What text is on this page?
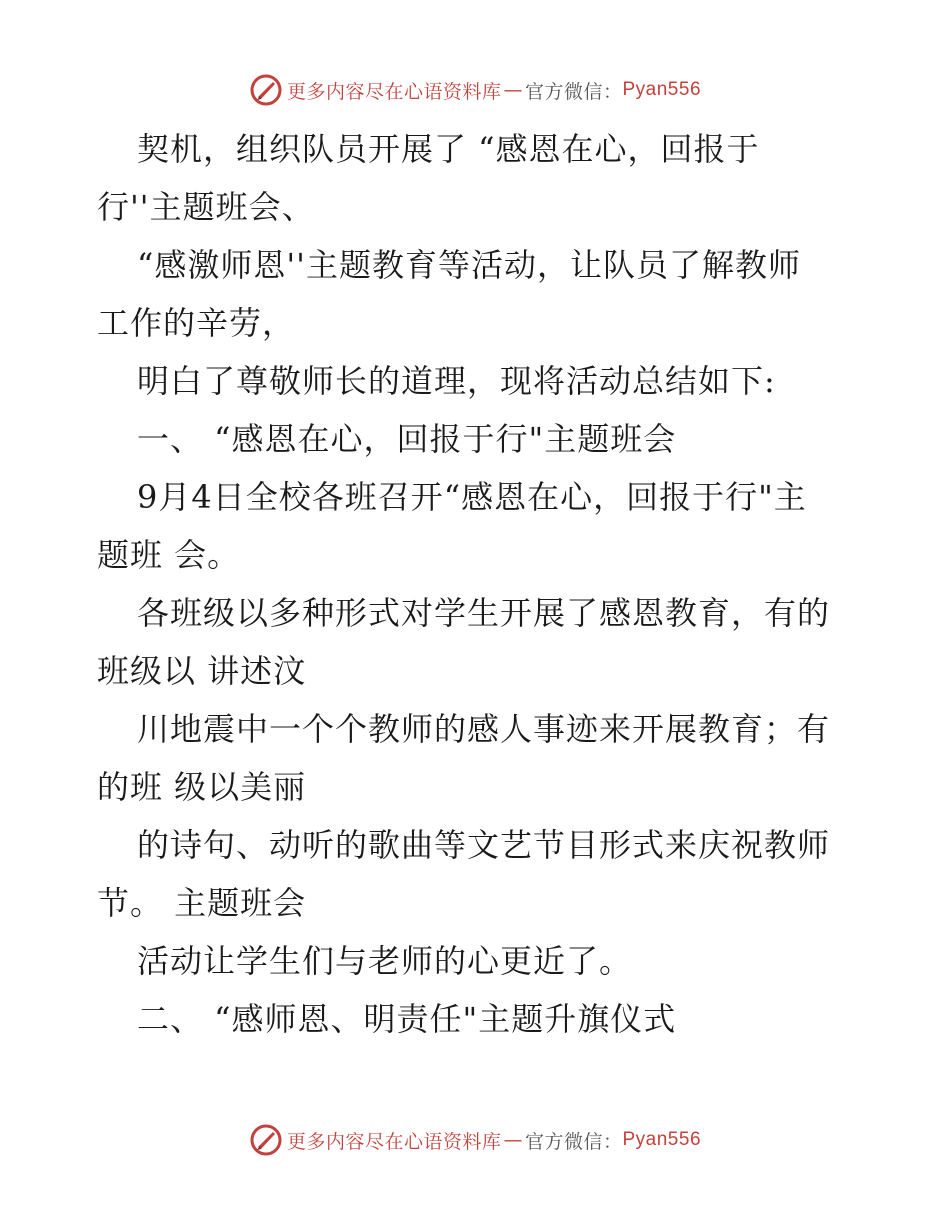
更多内容尽在心语资料库 — 官方微信： Pyan556

契机，组织队员开展了 “感恩在心，回报于

行''主题班会、

“感激师恩''主题教育等活动，让队员了解教师

工作的辛劳，

明白了尊敬师长的道理，现将活动总结如下:

一、 “感恩在心，回报于行"主题班会

9月4日全校各班召开“感恩在心，回报于行"主

题班 会。

各班级以多种形式对学生开展了感恩教育，有的

班级以 讲述汶

川地震中一个个教师的感人事迹来开展教育；有

的班 级以美丽

的诗句、动听的歌曲等文艺节目形式来庆祝教师

节。 主题班会

活动让学生们与老师的心更近了。

二、 “感师恩、明责任"主题升旗仪式

更多内容尽在心语资料库 — 官方微信： Pyan556
